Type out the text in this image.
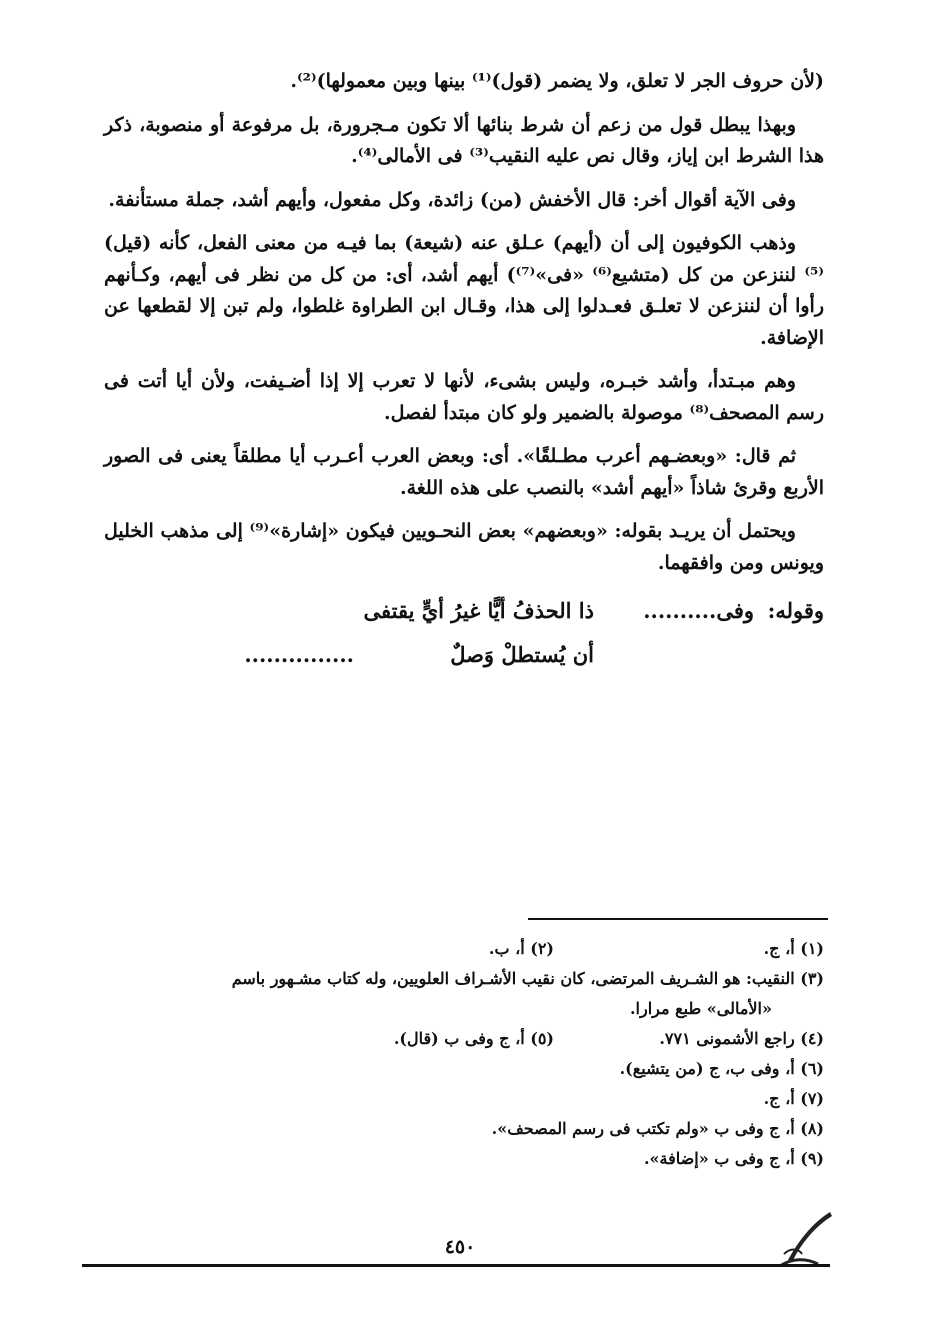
(لأن حروف الجر لا تعلق، ولا يضمر (قول)⁽¹⁾ بينها وبين معمولها)⁽²⁾.

وبهذا يبطل قول من زعم أن شرط بنائها ألا تكون مـجرورة، بل مرفوعة أو منصوبة، ذكر هذا الشرط ابن إياز، وقال نص عليه النقيب⁽³⁾ فى الأمالى⁽⁴⁾.

وفى الآية أقوال أخر: قال الأخفش (من) زائدة، وكل مفعول، وأيهم أشد، جملة مستأنفة.

وذهب الكوفيون إلى أن (أيهم) عـلق عنه (شيعة) بما فيـه من معنى الفعل، كأنه (قيل)⁽⁵⁾ لننزعن من كل (متشيع⁽⁶⁾ «فى»⁽⁷⁾) أيهم أشد، أى: من كل من نظر فى أيهم، وكـأنهم رأوا أن لننزعن لا تعلـق فعـدلوا إلى هذا، وقـال ابن الطراوة غلطوا، ولم تبن إلا لقطعها عن الإضافة.

وهم مبـتدأ، وأشد خبـره، وليس بشىء، لأنها لا تعرب إلا إذا أضـيفت، ولأن أيا أتت فى رسم المصحف⁽⁸⁾ موصولة بالضمير ولو كان مبتدأ لفصل.

ثم قال: «وبعضـهم أعرب مطـلقًا». أى: وبعض العرب أعـرب أيا مطلقاً يعنى فى الصور الأربع وقرئ شاذاً «أيهم أشد» بالنصب على هذه اللغة.

ويحتمل أن يريـد بقوله: «وبعضهم» بعض النحـويين فيكون «إشارة»⁽⁹⁾ إلى مذهب الخليل ويونس ومن وافقهما.

وقوله:
وفى..........
ذا الحذفُ أيًّا غيرُ أيٍّ يقتفى
أن يُستطلْ وَصلٌ
...............
(١) أ، ج.
(٢) أ، ب.
(٣) النقيب: هو الشـريف المرتضى، كان نقيب الأشـراف العلويين، وله كتاب مشـهور باسم
«الأمالى» طبع مرارا.
(٤) راجع الأشمونى ٧٧١.
(٥) أ، ج وفى ب (قال).
(٦) أ، وفى ب، ج (من يتشيع).
(٧) أ، ج.
(٨) أ، ج وفى ب «ولم تكتب فى رسم المصحف».
(٩) أ، ج وفى ب «إضافة».
٤٥٠
